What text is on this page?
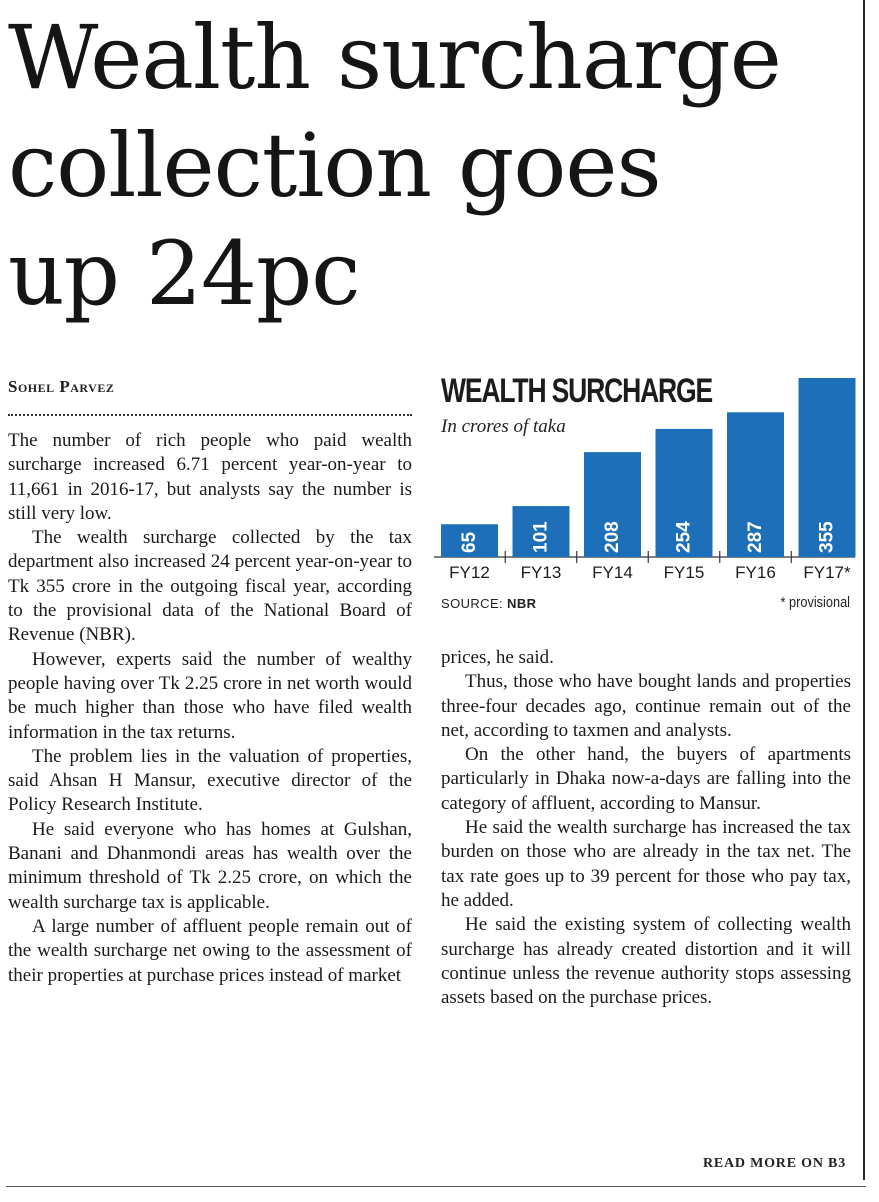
Wealth surcharge
collection goes
up 24pc
Sohel Parvez

The number of rich people who paid wealth surcharge increased 6.71 percent year-on-year to 11,661 in 2016-17, but analysts say the number is still very low.

The wealth surcharge collected by the tax department also increased 24 percent year-on-year to Tk 355 crore in the outgoing fiscal year, according to the provisional data of the National Board of Revenue (NBR).

However, experts said the number of wealthy people having over Tk 2.25 crore in net worth would be much higher than those who have filed wealth information in the tax returns.

The problem lies in the valuation of properties, said Ahsan H Mansur, executive director of the Policy Research Institute.

He said everyone who has homes at Gulshan, Banani and Dhanmondi areas has wealth over the minimum threshold of Tk 2.25 crore, on which the wealth surcharge tax is applicable.

A large number of affluent people remain out of the wealth surcharge net owing to the assessment of their properties at purchase prices instead of market

WEALTH SURCHARGE
In crores of taka
65
FY12
101
FY13
208
FY14
254
FY15
287
FY16
355
FY17*
SOURCE: NBR	* provisional

prices, he said.

Thus, those who have bought lands and properties three-four decades ago, continue remain out of the net, according to taxmen and analysts.

On the other hand, the buyers of apartments particularly in Dhaka now-a-days are falling into the category of affluent, according to Mansur.

He said the wealth surcharge has increased the tax burden on those who are already in the tax net. The tax rate goes up to 39 percent for those who pay tax, he added.

He said the existing system of collecting wealth surcharge has already created distortion and it will continue unless the revenue authority stops assessing assets based on the purchase prices.

READ MORE ON B3
